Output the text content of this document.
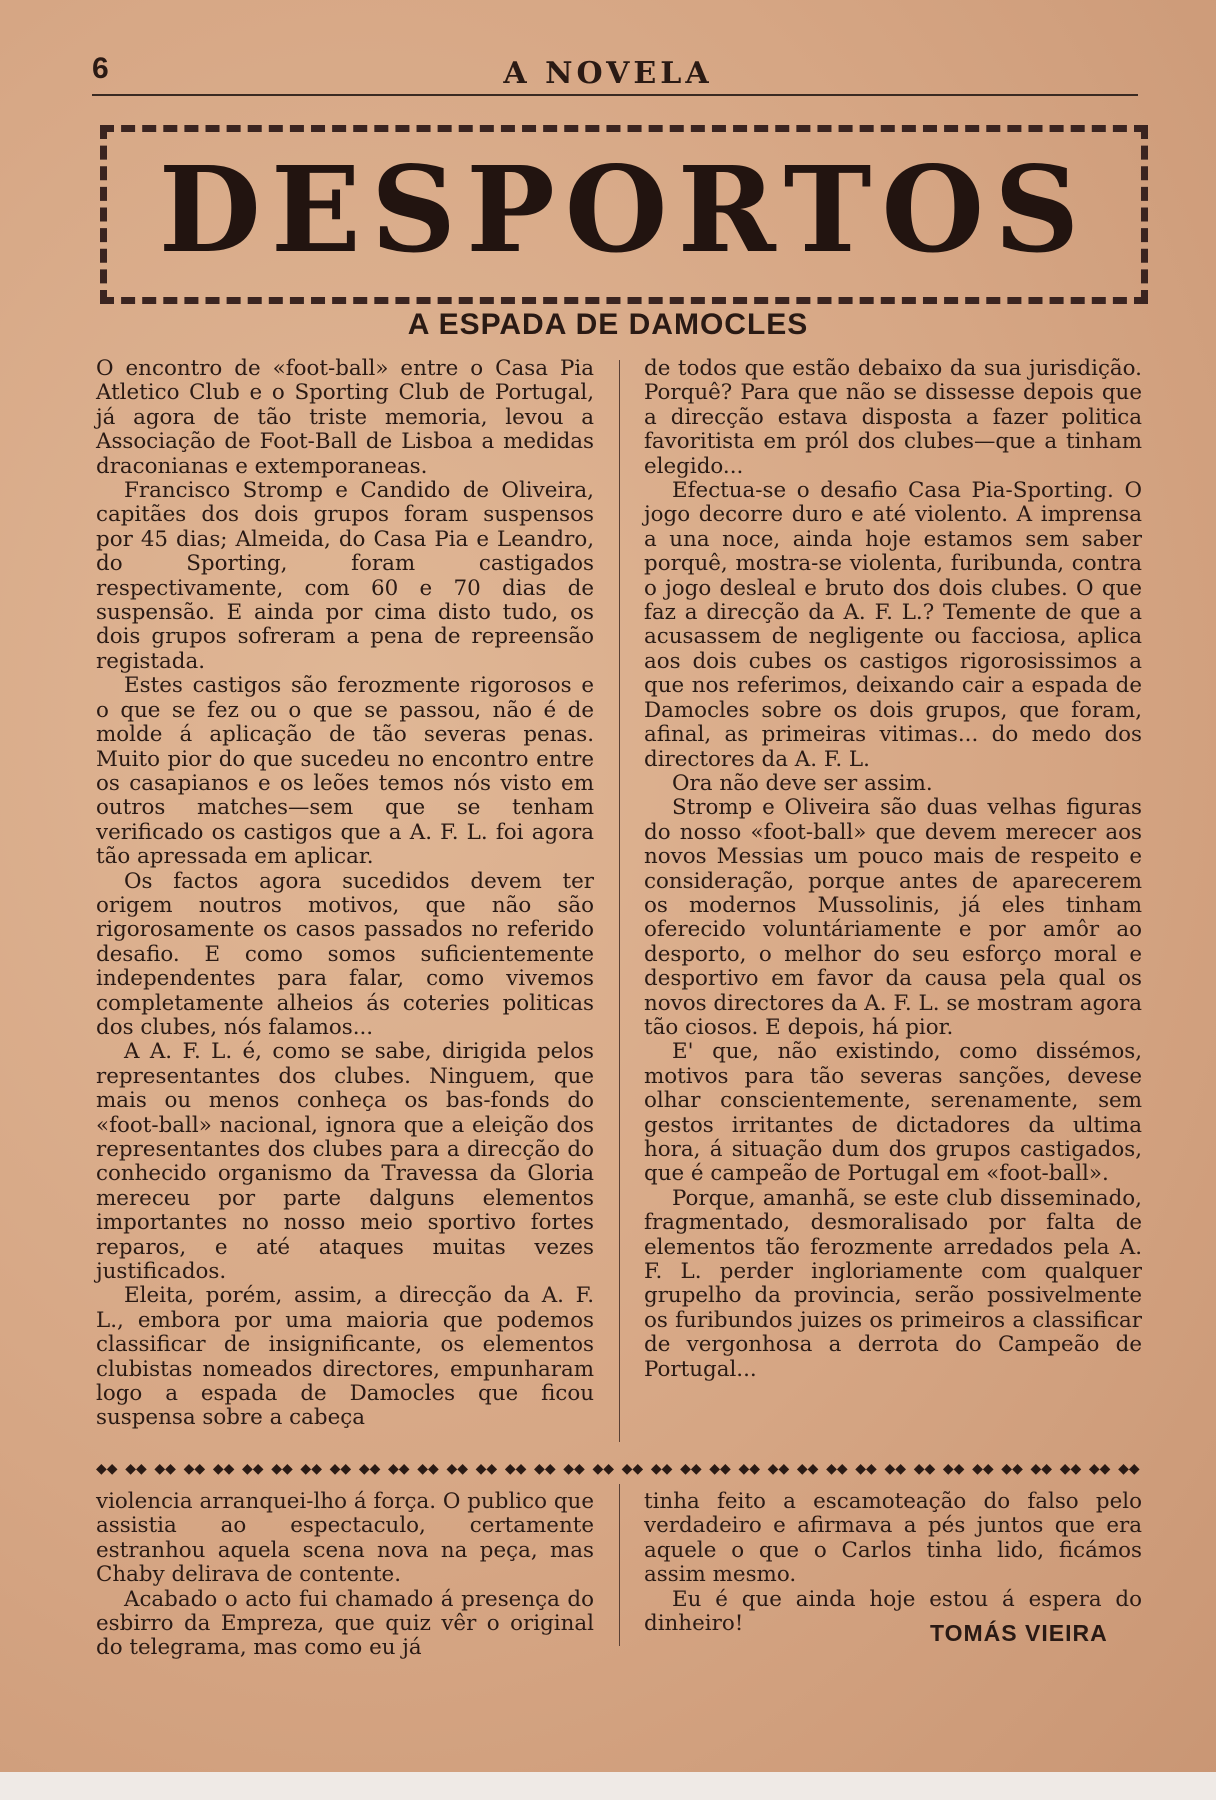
6	A NOVELA
DESPORTOS
A ESPADA DE DAMOCLES

O encontro de «foot-ball» entre o Casa Pia Atletico Club e o Sporting Club de Portugal, já agora de tão triste memoria, levou a Associação de Foot-Ball de Lisboa a medidas draconianas e extemporaneas.

Francisco Stromp e Candido de Oliveira, capitães dos dois grupos foram suspensos por 45 dias; Almeida, do Casa Pia e Leandro, do Sporting, foram castigados respectivamente, com 60 e 70 dias de suspensão. E ainda por cima disto tudo, os dois grupos sofreram a pena de repreensão registada.

Estes castigos são ferozmente rigorosos e o que se fez ou o que se passou, não é de molde á aplicação de tão severas penas. Muito pior do que sucedeu no encontro entre os casapianos e os leões temos nós visto em outros matches—sem que se tenham verificado os castigos que a A. F. L. foi agora tão apressada em aplicar.

Os factos agora sucedidos devem ter origem noutros motivos, que não são rigorosamente os casos passados no referido desafio. E como somos suficientemente independentes para falar, como vivemos completamente alheios ás coteries politicas dos clubes, nós falamos...

A A. F. L. é, como se sabe, dirigida pelos representantes dos clubes. Ninguem, que mais ou menos conheça os bas-fonds do «foot-ball» nacional, ignora que a eleição dos representantes dos clubes para a direcção do conhecido organismo da Travessa da Gloria mereceu por parte dalguns elementos importantes no nosso meio sportivo fortes reparos, e até ataques muitas vezes justificados.

Eleita, porém, assim, a direcção da A. F. L., embora por uma maioria que podemos classificar de insignificante, os elementos clubistas nomeados directores, empunharam logo a espada de Damocles que ficou suspensa sobre a cabeça

de todos que estão debaixo da sua jurisdição. Porquê? Para que não se dissesse depois que a direcção estava disposta a fazer politica favoritista em pról dos clubes—que a tinham elegido...

Efectua-se o desafio Casa Pia-Sporting. O jogo decorre duro e até violento. A imprensa a una noce, ainda hoje estamos sem saber porquê, mostra-se violenta, furibunda, contra o jogo desleal e bruto dos dois clubes. O que faz a direcção da A. F. L.? Temente de que a acusassem de negligente ou facciosa, aplica aos dois cubes os castigos rigorosissimos a que nos referimos, deixando cair a espada de Damocles sobre os dois grupos, que foram, afinal, as primeiras vitimas... do medo dos directores da A. F. L.

Ora não deve ser assim.

Stromp e Oliveira são duas velhas figuras do nosso «foot-ball» que devem merecer aos novos Messias um pouco mais de respeito e consideração, porque antes de aparecerem os modernos Mussolinis, já eles tinham oferecido voluntáriamente e por amôr ao desporto, o melhor do seu esforço moral e desportivo em favor da causa pela qual os novos directores da A. F. L. se mostram agora tão ciosos. E depois, há pior.

E' que, não existindo, como dissémos, motivos para tão severas sanções, devese olhar conscientemente, serenamente, sem gestos irritantes de dictadores da ultima hora, á situação dum dos grupos castigados, que é campeão de Portugal em «foot-ball».

Porque, amanhã, se este club disseminado, fragmentado, desmoralisado por falta de elementos tão ferozmente arredados pela A. F. L. perder ingloriamente com qualquer grupelho da provincia, serão possivelmente os furibundos juizes os primeiros a classificar de vergonhosa a derrota do Campeão de Portugal...

◆◆ ◆◆ ◆◆ ◆◆ ◆◆ ◆◆ ◆◆ ◆◆ ◆◆ ◆◆ ◆◆ ◆◆ ◆◆ ◆◆ ◆◆ ◆◆ ◆◆ ◆◆ ◆◆ ◆◆ ◆◆ ◆◆ ◆◆ ◆◆ ◆◆ ◆◆ ◆◆ ◆◆ ◆◆ ◆◆ ◆◆ ◆◆ ◆◆ ◆◆ ◆◆ ◆◆

violencia arranquei-lho á força. O publico que assistia ao espectaculo, certamente estranhou aquela scena nova na peça, mas Chaby delirava de contente.

Acabado o acto fui chamado á presença do esbirro da Empreza, que quiz vêr o original do telegrama, mas como eu já

tinha feito a escamoteação do falso pelo verdadeiro e afirmava a pés juntos que era aquele o que o Carlos tinha lido, ficámos assim mesmo.

Eu é que ainda hoje estou á espera do dinheiro!	TOMÁS VIEIRA
